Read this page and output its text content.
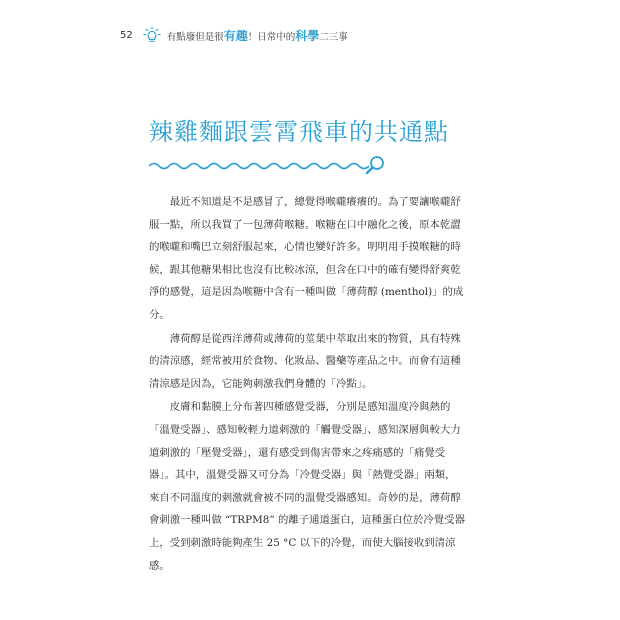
52	有點廢但是很有趣！日常中的科學二三事
辣雞麵跟雲霄飛車的共通點

最近不知道是不是感冒了，總覺得喉嚨癢癢的。為了要讓喉嚨舒服一點，所以我買了一包薄荷喉糖。喉糖在口中融化之後，原本乾澀的喉嚨和嘴巴立刻舒服起來，心情也變好許多。明明用手摸喉糖的時候，跟其他糖果相比也沒有比較冰涼，但含在口中的確有變得舒爽乾淨的感覺，這是因為喉糖中含有一種叫做「薄荷醇 (menthol)」的成分。

薄荷醇是從西洋薄荷或薄荷的莖葉中萃取出來的物質，具有特殊的清涼感，經常被用於食物、化妝品、醫藥等產品之中。而會有這種清涼感是因為，它能夠刺激我們身體的「冷點」。

皮膚和黏膜上分布著四種感覺受器，分別是感知溫度冷與熱的「溫覺受器」、感知較輕力道刺激的「觸覺受器」、感知深層與較大力道刺激的「壓覺受器」，還有感受到傷害帶來之疼痛感的「痛覺受器」。其中，溫覺受器又可分為「冷覺受器」與「熱覺受器」兩類，來自不同溫度的刺激就會被不同的溫覺受器感知。奇妙的是，薄荷醇會刺激一種叫做 “TRPM8” 的離子通道蛋白，這種蛋白位於冷覺受器上，受到刺激時能夠產生 25 °C 以下的冷覺，而使大腦接收到清涼感。
